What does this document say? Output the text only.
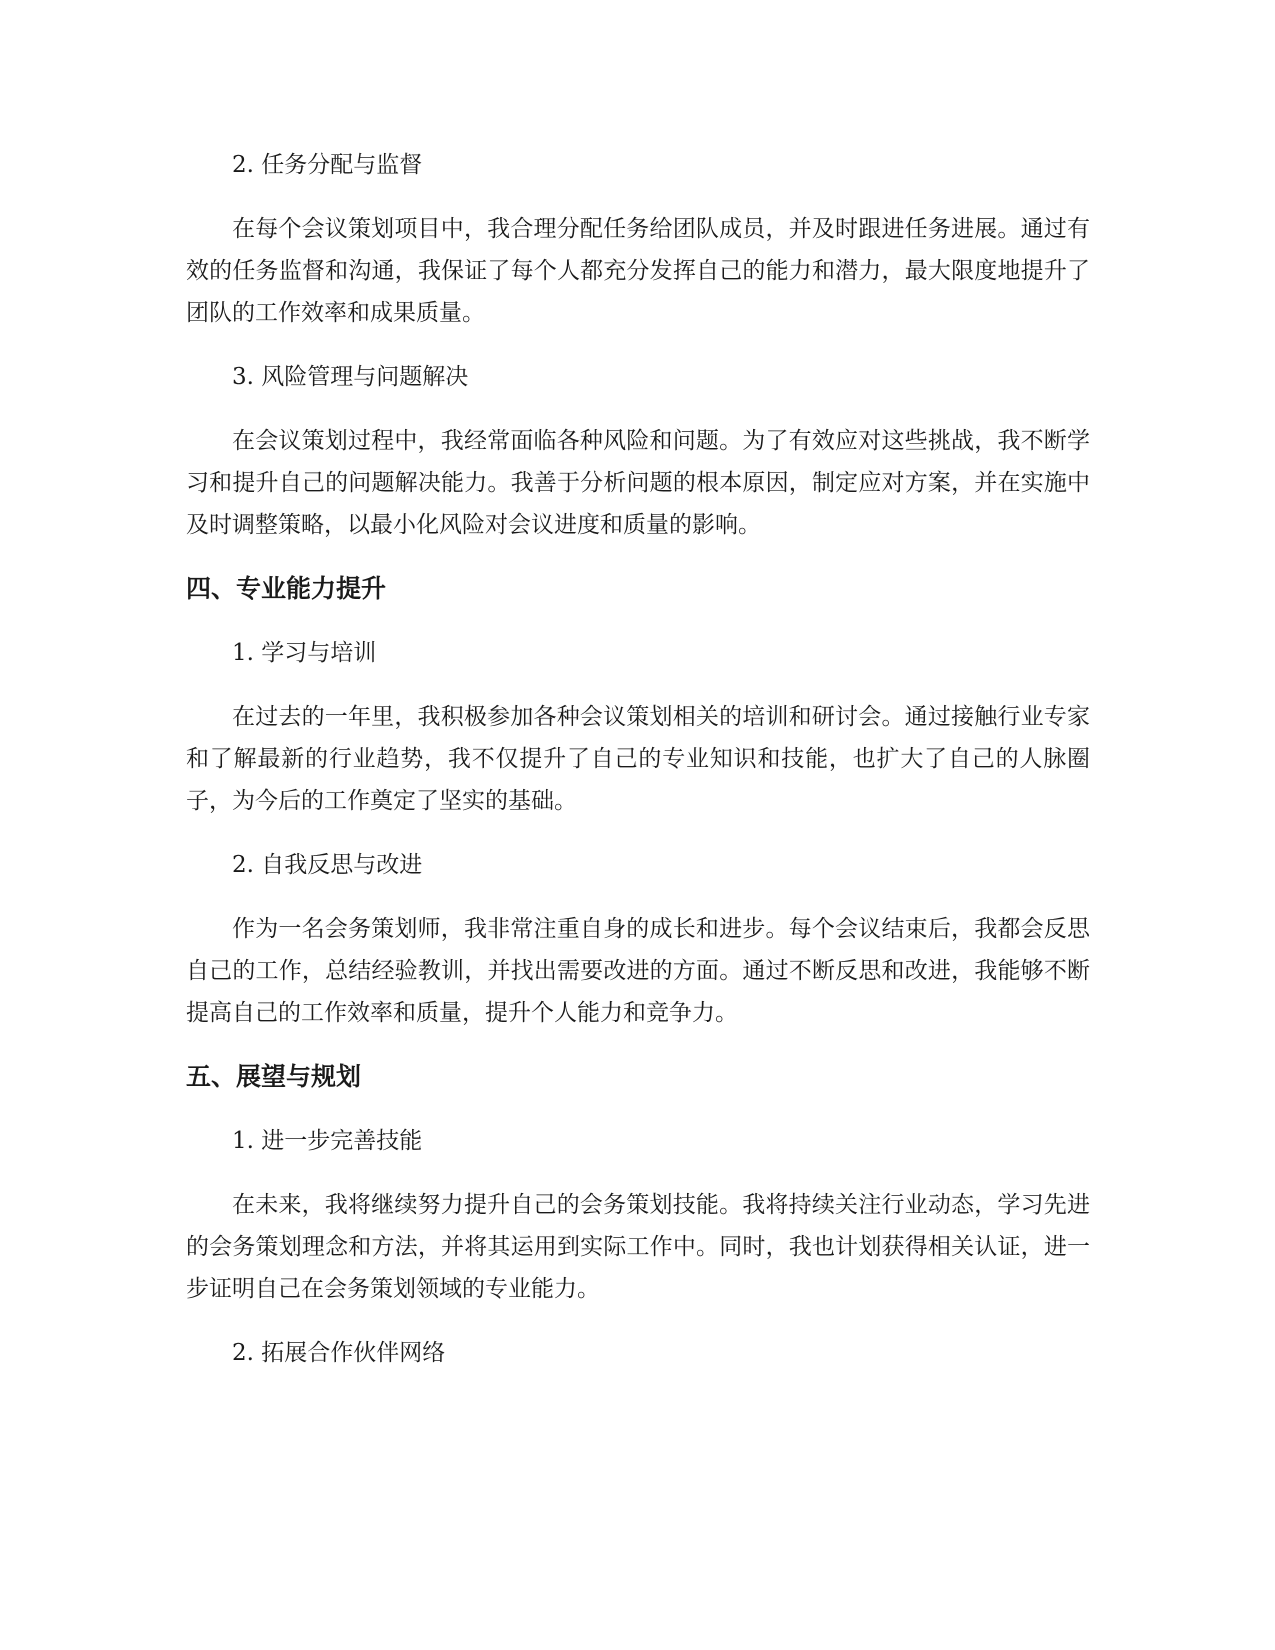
2. 任务分配与监督

在每个会议策划项目中，我合理分配任务给团队成员，并及时跟进任务进展。通过有效的任务监督和沟通，我保证了每个人都充分发挥自己的能力和潜力，最大限度地提升了团队的工作效率和成果质量。

3. 风险管理与问题解决

在会议策划过程中，我经常面临各种风险和问题。为了有效应对这些挑战，我不断学习和提升自己的问题解决能力。我善于分析问题的根本原因，制定应对方案，并在实施中及时调整策略，以最小化风险对会议进度和质量的影响。

四、专业能力提升

1. 学习与培训

在过去的一年里，我积极参加各种会议策划相关的培训和研讨会。通过接触行业专家和了解最新的行业趋势，我不仅提升了自己的专业知识和技能，也扩大了自己的人脉圈子，为今后的工作奠定了坚实的基础。

2. 自我反思与改进

作为一名会务策划师，我非常注重自身的成长和进步。每个会议结束后，我都会反思自己的工作，总结经验教训，并找出需要改进的方面。通过不断反思和改进，我能够不断提高自己的工作效率和质量，提升个人能力和竞争力。

五、展望与规划

1. 进一步完善技能

在未来，我将继续努力提升自己的会务策划技能。我将持续关注行业动态，学习先进的会务策划理念和方法，并将其运用到实际工作中。同时，我也计划获得相关认证，进一步证明自己在会务策划领域的专业能力。

2. 拓展合作伙伴网络
